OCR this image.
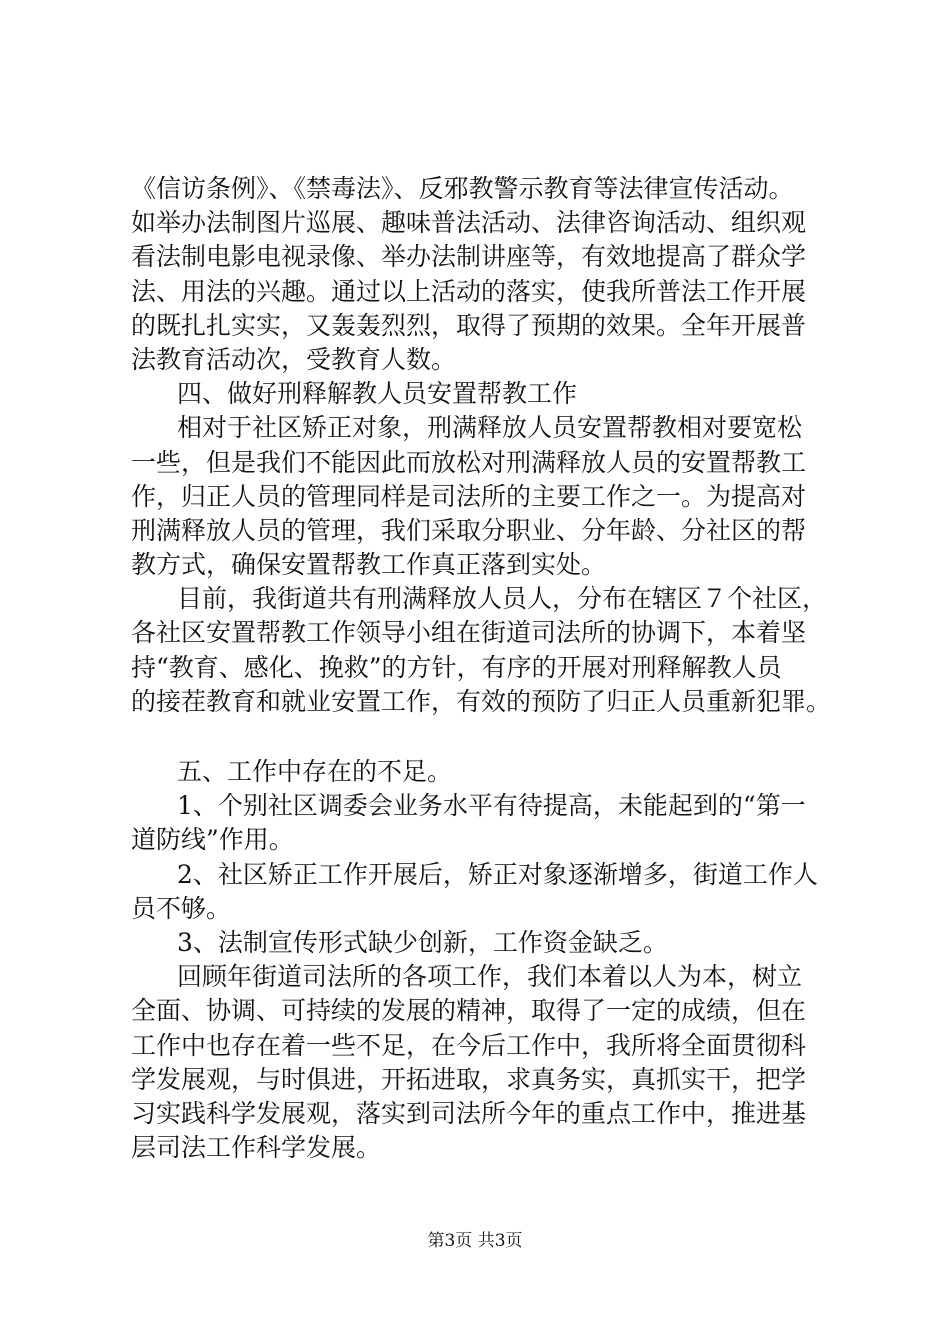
《信访条例》、《禁毒法》、反邪教警示教育等法律宣传活动。
如举办法制图片巡展、趣味普法活动、法律咨询活动、组织观
看法制电影电视录像、举办法制讲座等，有效地提高了群众学
法、用法的兴趣。通过以上活动的落实，使我所普法工作开展
的既扎扎实实，又轰轰烈烈，取得了预期的效果。全年开展普
法教育活动次，受教育人数。
四、做好刑释解教人员安置帮教工作
相对于社区矫正对象，刑满释放人员安置帮教相对要宽松
一些，但是我们不能因此而放松对刑满释放人员的安置帮教工
作，归正人员的管理同样是司法所的主要工作之一。为提高对
刑满释放人员的管理，我们采取分职业、分年龄、分社区的帮
教方式，确保安置帮教工作真正落到实处。
目前，我街道共有刑满释放人员人，分布在辖区７个社区，
各社区安置帮教工作领导小组在街道司法所的协调下，本着坚
持“教育、感化、挽救”的方针，有序的开展对刑释解教人员
的接茬教育和就业安置工作，有效的预防了归正人员重新犯罪。
五、工作中存在的不足。
1、个别社区调委会业务水平有待提高，未能起到的“第一
道防线”作用。
2、社区矫正工作开展后，矫正对象逐渐增多，街道工作人
员不够。
3、法制宣传形式缺少创新，工作资金缺乏。
回顾年街道司法所的各项工作，我们本着以人为本，树立
全面、协调、可持续的发展的精神，取得了一定的成绩，但在
工作中也存在着一些不足，在今后工作中，我所将全面贯彻科
学发展观，与时俱进，开拓进取，求真务实，真抓实干，把学
习实践科学发展观，落实到司法所今年的重点工作中，推进基
层司法工作科学发展。
第3页 共3页
